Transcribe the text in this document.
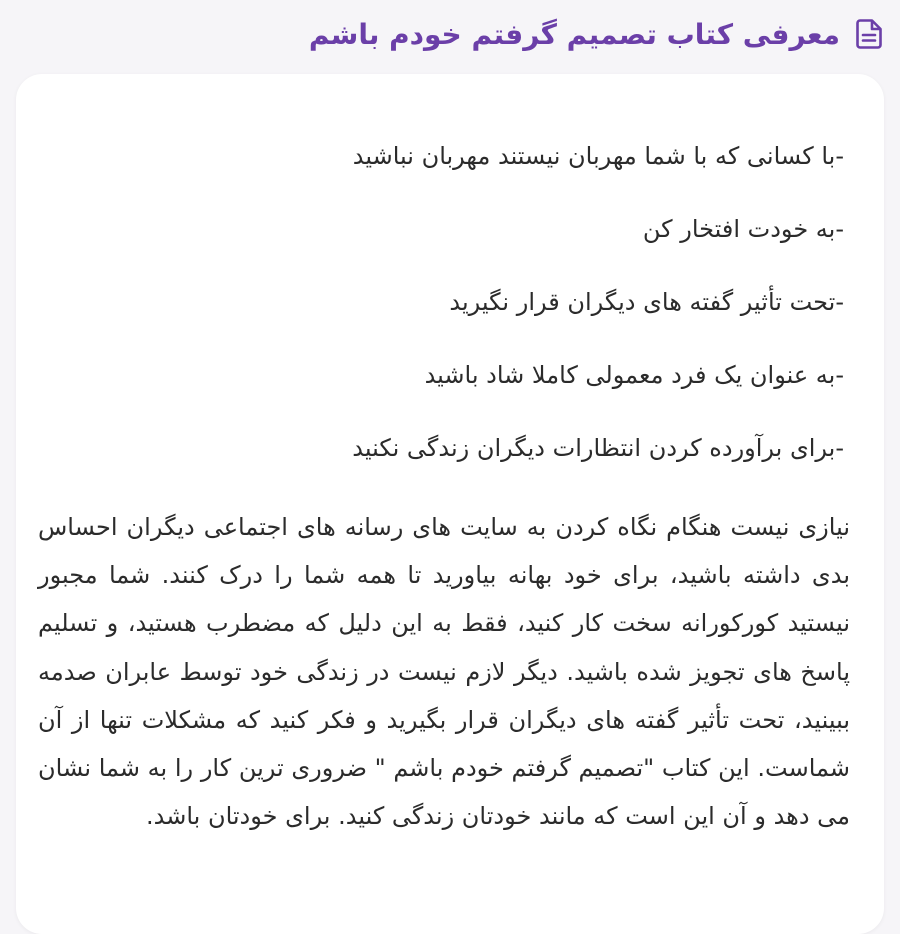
معرفی کتاب تصمیم گرفتم خودم باشم
-با کسانی که با شما مهربان نیستند مهربان نباشید
-به خودت افتخار کن
-تحت تأثیر گفته های دیگران قرار نگیرید
-به عنوان یک فرد معمولی کاملا شاد باشید
-برای برآورده کردن انتظارات دیگران زندگی نکنید

نیازی نیست هنگام نگاه کردن به سایت های رسانه های اجتماعی دیگران احساس بدی داشته باشید، برای خود بهانه بیاورید تا همه شما را درک کنند. شما مجبور نیستید کورکورانه سخت کار کنید، فقط به این دلیل که مضطرب هستید، و تسلیم پاسخ های تجویز شده باشید. دیگر لازم نیست در زندگی خود توسط عابران صدمه ببینید، تحت تأثیر گفته های دیگران قرار بگیرید و فکر کنید که مشکلات تنها از آن شماست. این کتاب "تصمیم گرفتم خودم باشم " ضروری ترین کار را به شما نشان می دهد و آن این است که مانند خودتان زندگی کنید. برای خودتان باشد.
